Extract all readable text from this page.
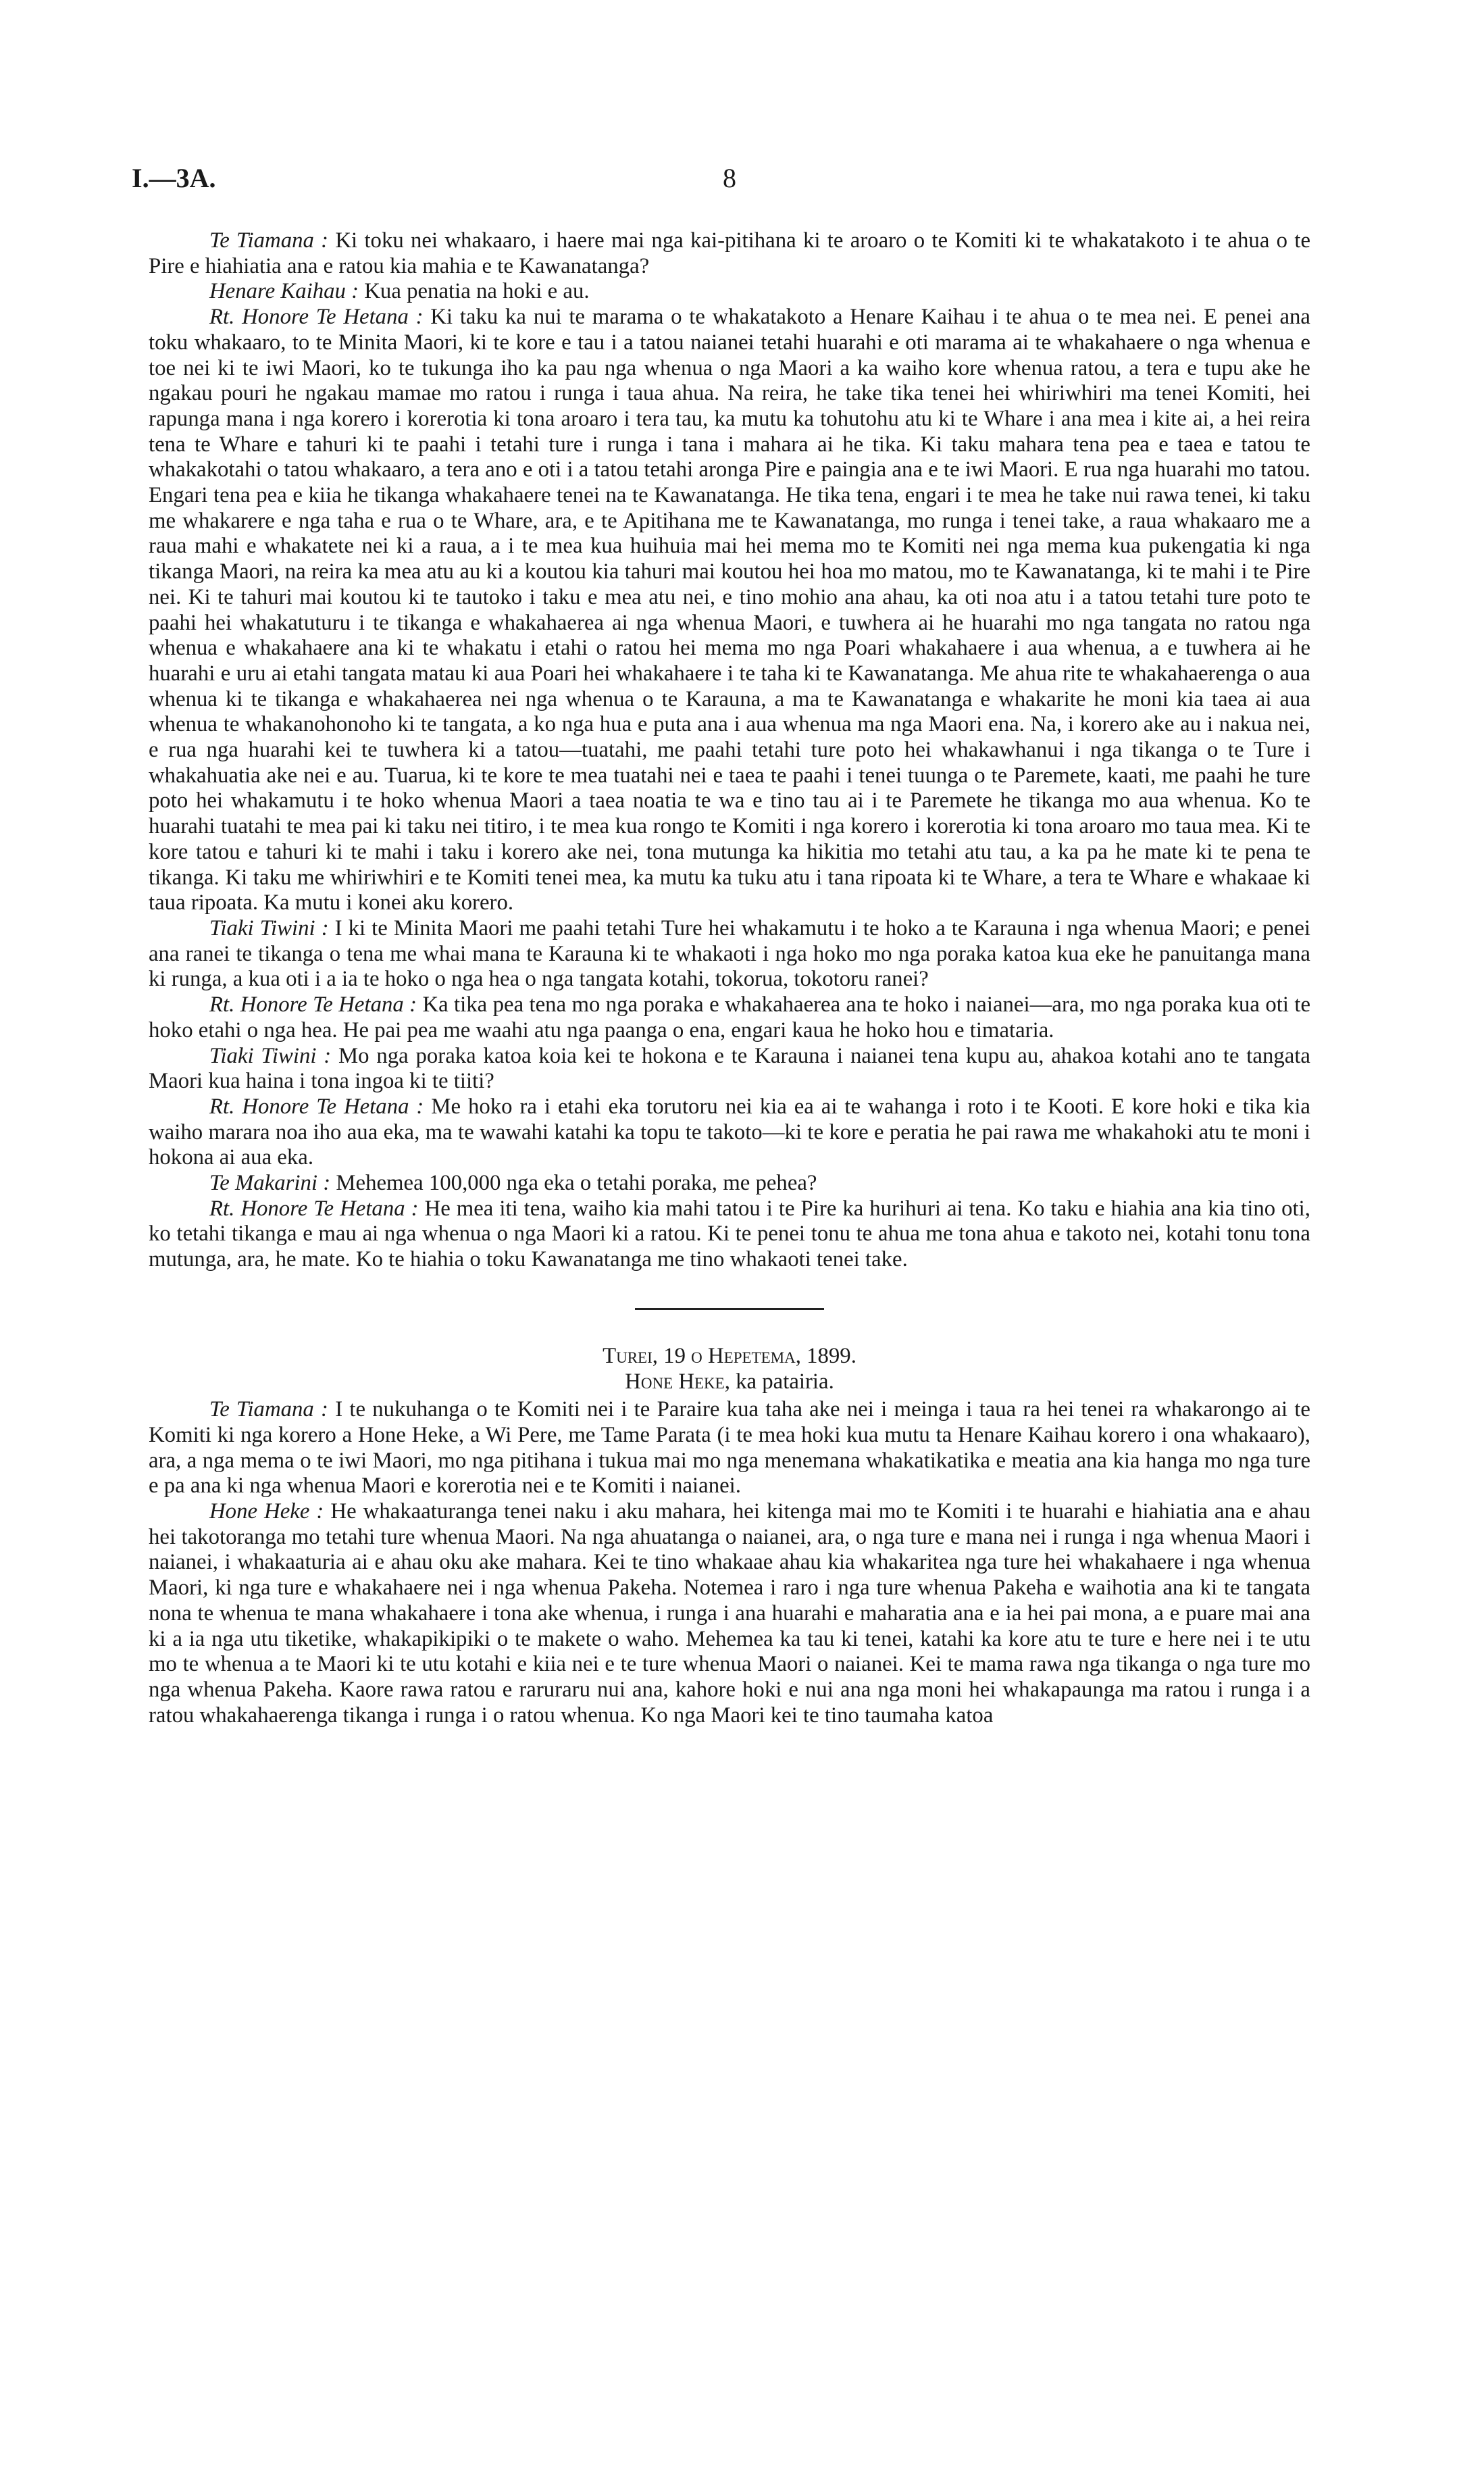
I.—3A.	8

Te Tiamana : Ki toku nei whakaaro, i haere mai nga kai-pitihana ki te aroaro o te Komiti ki te whakatakoto i te ahua o te Pire e hiahiatia ana e ratou kia mahia e te Kawanatanga?

Henare Kaihau : Kua penatia na hoki e au.

Rt. Honore Te Hetana : Ki taku ka nui te marama o te whakatakoto a Henare Kaihau i te ahua o te mea nei. E penei ana toku whakaaro, to te Minita Maori, ki te kore e tau i a tatou naianei tetahi huarahi e oti marama ai te whakahaere o nga whenua e toe nei ki te iwi Maori, ko te tukunga iho ka pau nga whenua o nga Maori a ka waiho kore whenua ratou, a tera e tupu ake he ngakau pouri he ngakau mamae mo ratou i runga i taua ahua. Na reira, he take tika tenei hei whiriwhiri ma tenei Komiti, hei rapunga mana i nga korero i korerotia ki tona aroaro i tera tau, ka mutu ka tohutohu atu ki te Whare i ana mea i kite ai, a hei reira tena te Whare e tahuri ki te paahi i tetahi ture i runga i tana i mahara ai he tika. Ki taku mahara tena pea e taea e tatou te whakakotahi o tatou whakaaro, a tera ano e oti i a tatou tetahi aronga Pire e paingia ana e te iwi Maori. E rua nga huarahi mo tatou. Engari tena pea e kiia he tikanga whakahaere tenei na te Kawanatanga. He tika tena, engari i te mea he take nui rawa tenei, ki taku me whakarere e nga taha e rua o te Whare, ara, e te Apitihana me te Kawanatanga, mo runga i tenei take, a raua whakaaro me a raua mahi e whakatete nei ki a raua, a i te mea kua huihuia mai hei mema mo te Komiti nei nga mema kua pukengatia ki nga tikanga Maori, na reira ka mea atu au ki a koutou kia tahuri mai koutou hei hoa mo matou, mo te Kawanatanga, ki te mahi i te Pire nei. Ki te tahuri mai koutou ki te tautoko i taku e mea atu nei, e tino mohio ana ahau, ka oti noa atu i a tatou tetahi ture poto te paahi hei whakatuturu i te tikanga e whakahaerea ai nga whenua Maori, e tuwhera ai he huarahi mo nga tangata no ratou nga whenua e whakahaere ana ki te whakatu i etahi o ratou hei mema mo nga Poari whakahaere i aua whenua, a e tuwhera ai he huarahi e uru ai etahi tangata matau ki aua Poari hei whakahaere i te taha ki te Kawanatanga. Me ahua rite te whakahaerenga o aua whenua ki te tikanga e whakahaerea nei nga whenua o te Karauna, a ma te Kawanatanga e whakarite he moni kia taea ai aua whenua te whakanohonoho ki te tangata, a ko nga hua e puta ana i aua whenua ma nga Maori ena. Na, i korero ake au i nakua nei, e rua nga huarahi kei te tuwhera ki a tatou—tuatahi, me paahi tetahi ture poto hei whakawhanui i nga tikanga o te Ture i whakahuatia ake nei e au. Tuarua, ki te kore te mea tuatahi nei e taea te paahi i tenei tuunga o te Paremete, kaati, me paahi he ture poto hei whakamutu i te hoko whenua Maori a taea noatia te wa e tino tau ai i te Paremete he tikanga mo aua whenua. Ko te huarahi tuatahi te mea pai ki taku nei titiro, i te mea kua rongo te Komiti i nga korero i korerotia ki tona aroaro mo taua mea. Ki te kore tatou e tahuri ki te mahi i taku i korero ake nei, tona mutunga ka hikitia mo tetahi atu tau, a ka pa he mate ki te pena te tikanga. Ki taku me whiriwhiri e te Komiti tenei mea, ka mutu ka tuku atu i tana ripoata ki te Whare, a tera te Whare e whakaae ki taua ripoata. Ka mutu i konei aku korero.

Tiaki Tiwini : I ki te Minita Maori me paahi tetahi Ture hei whakamutu i te hoko a te Karauna i nga whenua Maori; e penei ana ranei te tikanga o tena me whai mana te Karauna ki te whakaoti i nga hoko mo nga poraka katoa kua eke he panuitanga mana ki runga, a kua oti i a ia te hoko o nga hea o nga tangata kotahi, tokorua, tokotoru ranei?

Rt. Honore Te Hetana : Ka tika pea tena mo nga poraka e whakahaerea ana te hoko i naianei—ara, mo nga poraka kua oti te hoko etahi o nga hea. He pai pea me waahi atu nga paanga o ena, engari kaua he hoko hou e timataria.

Tiaki Tiwini : Mo nga poraka katoa koia kei te hokona e te Karauna i naianei tena kupu au, ahakoa kotahi ano te tangata Maori kua haina i tona ingoa ki te tiiti?

Rt. Honore Te Hetana : Me hoko ra i etahi eka torutoru nei kia ea ai te wahanga i roto i te Kooti. E kore hoki e tika kia waiho marara noa iho aua eka, ma te wawahi katahi ka topu te takoto—ki te kore e peratia he pai rawa me whakahoki atu te moni i hokona ai aua eka.

Te Makarini : Mehemea 100,000 nga eka o tetahi poraka, me pehea?

Rt. Honore Te Hetana : He mea iti tena, waiho kia mahi tatou i te Pire ka hurihuri ai tena. Ko taku e hiahia ana kia tino oti, ko tetahi tikanga e mau ai nga whenua o nga Maori ki a ratou. Ki te penei tonu te ahua me tona ahua e takoto nei, kotahi tonu tona mutunga, ara, he mate. Ko te hiahia o toku Kawanatanga me tino whakaoti tenei take.

Turei, 19 o Hepetema, 1899.

Hone Heke, ka patairia.

Te Tiamana : I te nukuhanga o te Komiti nei i te Paraire kua taha ake nei i meinga i taua ra hei tenei ra whakarongo ai te Komiti ki nga korero a Hone Heke, a Wi Pere, me Tame Parata (i te mea hoki kua mutu ta Henare Kaihau korero i ona whakaaro), ara, a nga mema o te iwi Maori, mo nga pitihana i tukua mai mo nga menemana whakatikatika e meatia ana kia hanga mo nga ture e pa ana ki nga whenua Maori e korerotia nei e te Komiti i naianei.

Hone Heke : He whakaaturanga tenei naku i aku mahara, hei kitenga mai mo te Komiti i te huarahi e hiahiatia ana e ahau hei takotoranga mo tetahi ture whenua Maori. Na nga ahuatanga o naianei, ara, o nga ture e mana nei i runga i nga whenua Maori i naianei, i whakaaturia ai e ahau oku ake mahara. Kei te tino whakaae ahau kia whakaritea nga ture hei whakahaere i nga whenua Maori, ki nga ture e whakahaere nei i nga whenua Pakeha. Notemea i raro i nga ture whenua Pakeha e waihotia ana ki te tangata nona te whenua te mana whakahaere i tona ake whenua, i runga i ana huarahi e maharatia ana e ia hei pai mona, a e puare mai ana ki a ia nga utu tiketike, whakapikipiki o te makete o waho. Mehemea ka tau ki tenei, katahi ka kore atu te ture e here nei i te utu mo te whenua a te Maori ki te utu kotahi e kiia nei e te ture whenua Maori o naianei. Kei te mama rawa nga tikanga o nga ture mo nga whenua Pakeha. Kaore rawa ratou e raruraru nui ana, kahore hoki e nui ana nga moni hei whakapaunga ma ratou i runga i a ratou whakahaerenga tikanga i runga i o ratou whenua. Ko nga Maori kei te tino taumaha katoa
